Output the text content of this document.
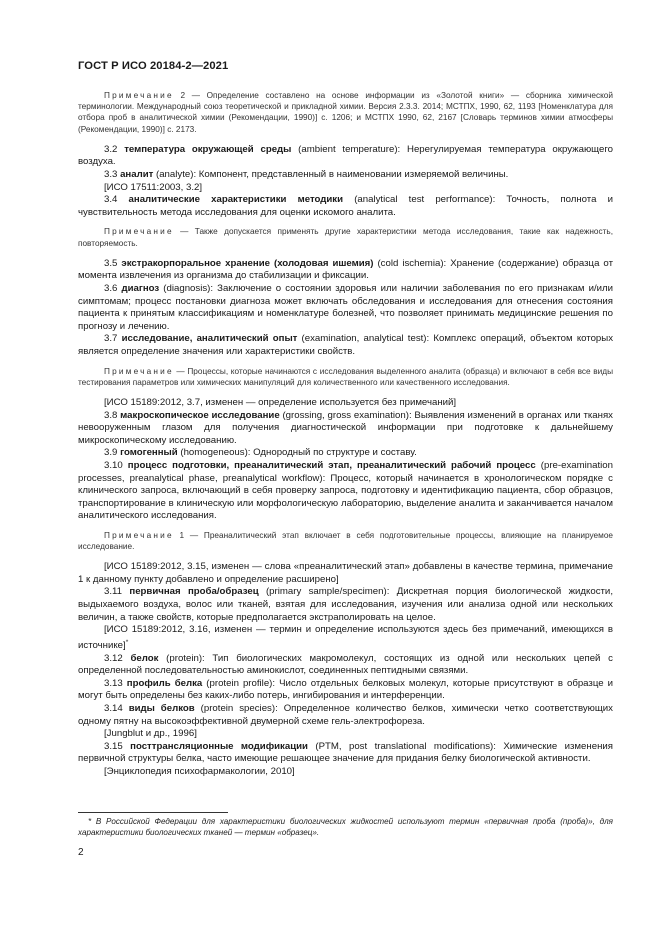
ГОСТ Р ИСО 20184-2—2021

Примечание 2 — Определение составлено на основе информации из «Золотой книги» — сборника химической терминологии. Международный союз теоретической и прикладной химии. Версия 2.3.3. 2014; МСТПХ, 1990, 62, 1193 [Номенклатура для отбора проб в аналитической химии (Рекомендации, 1990)] с. 1206; и МСТПХ 1990, 62, 2167 [Словарь терминов химии атмосферы (Рекомендации, 1990)] с. 2173.

3.2 температура окружающей среды (ambient temperature): Нерегулируемая температура окружающего воздуха.

3.3 аналит (analyte): Компонент, представленный в наименовании измеряемой величины.

[ИСО 17511:2003, 3.2]

3.4 аналитические характеристики методики (analytical test performance): Точность, полнота и чувствительность метода исследования для оценки искомого аналита.

Примечание — Также допускается применять другие характеристики метода исследования, такие как надежность, повторяемость.

3.5 экстракорпоральное хранение (холодовая ишемия) (cold ischemia): Хранение (содержание) образца от момента извлечения из организма до стабилизации и фиксации.

3.6 диагноз (diagnosis): Заключение о состоянии здоровья или наличии заболевания по его признакам и/или симптомам; процесс постановки диагноза может включать обследования и исследования для отнесения состояния пациента к принятым классификациям и номенклатуре болезней, что позволяет принимать медицинские решения по прогнозу и лечению.

3.7 исследование, аналитический опыт (examination, analytical test): Комплекс операций, объектом которых является определение значения или характеристики свойств.

Примечание — Процессы, которые начинаются с исследования выделенного аналита (образца) и включают в себя все виды тестирования параметров или химических манипуляций для количественного или качественного исследования.

[ИСО 15189:2012, 3.7, изменен — определение используется без примечаний]

3.8 макроскопическое исследование (grossing, gross examination): Выявления изменений в органах или тканях невооруженным глазом для получения диагностической информации при подготовке к дальнейшему микроскопическому исследованию.

3.9 гомогенный (homogeneous): Однородный по структуре и составу.

3.10 процесс подготовки, преаналитический этап, преаналитический рабочий процесс (pre-examination processes, preanalytical phase, preanalytical workflow): Процесс, который начинается в хронологическом порядке с клинического запроса, включающий в себя проверку запроса, подготовку и идентификацию пациента, сбор образцов, транспортирование в клиническую или морфологическую лабораторию, выделение аналита и заканчивается началом аналитического исследования.

Примечание 1 — Преаналитический этап включает в себя подготовительные процессы, влияющие на планируемое исследование.

[ИСО 15189:2012, 3.15, изменен — слова «преаналитический этап» добавлены в качестве термина, примечание 1 к данному пункту добавлено и определение расширено]

3.11 первичная проба/образец (primary sample/specimen): Дискретная порция биологической жидкости, выдыхаемого воздуха, волос или тканей, взятая для исследования, изучения или анализа одной или нескольких величин, а также свойств, которые предполагается экстраполировать на целое.

[ИСО 15189:2012, 3.16, изменен — термин и определение используются здесь без примечаний, имеющихся в источнике]*

3.12 белок (protein): Тип биологических макромолекул, состоящих из одной или нескольких цепей с определенной последовательностью аминокислот, соединенных пептидными связями.

3.13 профиль белка (protein profile): Число отдельных белковых молекул, которые присутствуют в образце и могут быть определены без каких-либо потерь, ингибирования и интерференции.

3.14 виды белков (protein species): Определенное количество белков, химически четко соответствующих одному пятну на высокоэффективной двумерной схеме гель-электрофореза.

[Jungblut и др., 1996]

3.15 посттрансляционные модификации (PTM, post translational modifications): Химические изменения первичной структуры белка, часто имеющие решающее значение для придания белку биологической активности.

[Энциклопедия психофармакологии, 2010]

* В Российской Федерации для характеристики биологических жидкостей используют термин «первичная проба (проба)», для характеристики биологических тканей — термин «образец».

2
